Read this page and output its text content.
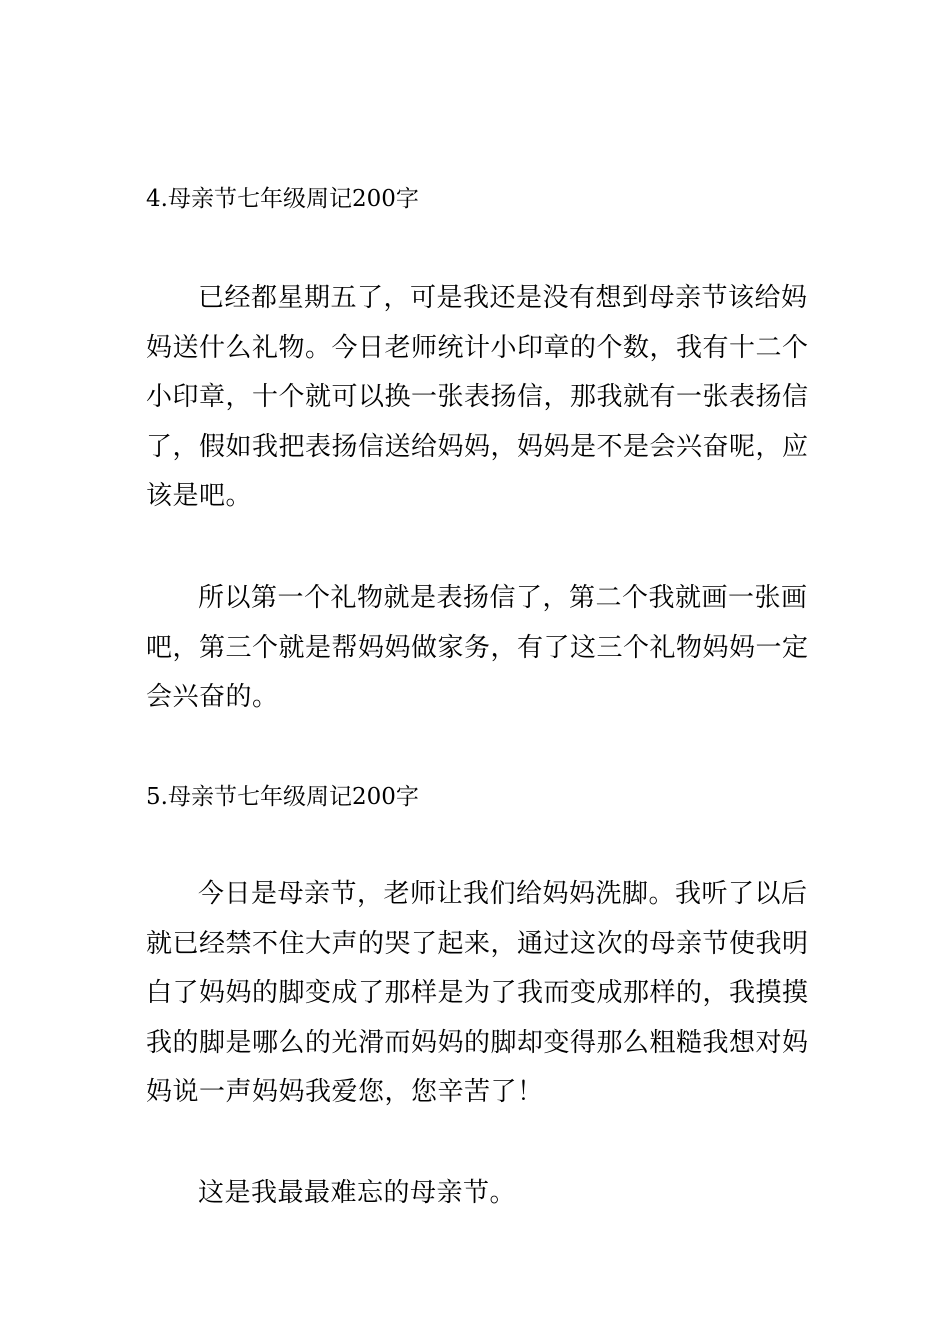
4.母亲节七年级周记200字
已经都星期五了，可是我还是没有想到母亲节该给妈
妈送什么礼物。今日老师统计小印章的个数，我有十二个
小印章，十个就可以换一张表扬信，那我就有一张表扬信
了，假如我把表扬信送给妈妈，妈妈是不是会兴奋呢，应
该是吧。
所以第一个礼物就是表扬信了，第二个我就画一张画
吧，第三个就是帮妈妈做家务，有了这三个礼物妈妈一定
会兴奋的。
5.母亲节七年级周记200字
今日是母亲节，老师让我们给妈妈洗脚。我听了以后
就已经禁不住大声的哭了起来，通过这次的母亲节使我明
白了妈妈的脚变成了那样是为了我而变成那样的，我摸摸
我的脚是哪么的光滑而妈妈的脚却变得那么粗糙我想对妈
妈说一声妈妈我爱您，您辛苦了！
这是我最最难忘的母亲节。
